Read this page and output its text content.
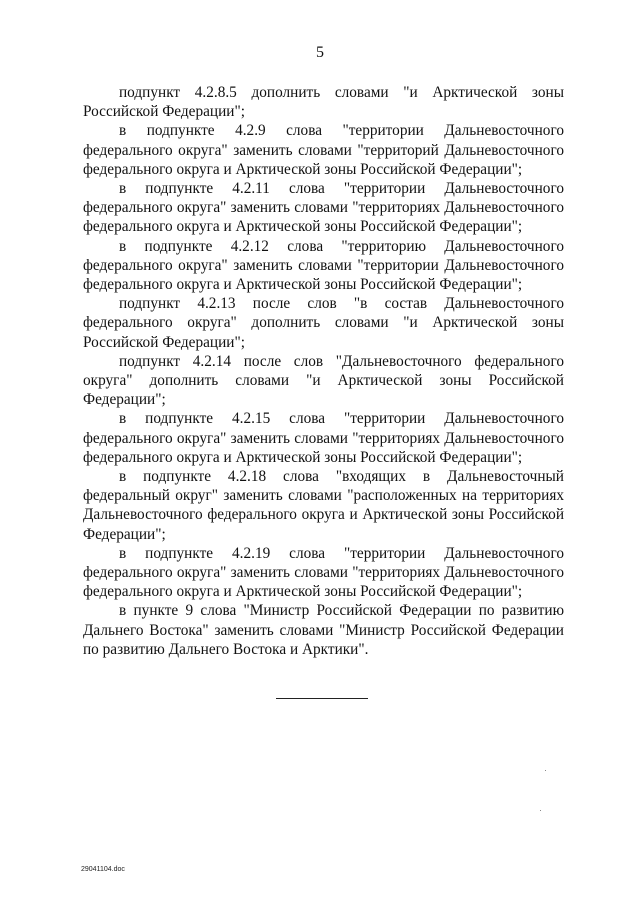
5

подпункт 4.2.8.5 дополнить словами "и Арктической зоны Российской Федерации";

в подпункте 4.2.9 слова "территории Дальневосточного федерального округа" заменить словами "территорий Дальневосточного федерального округа и Арктической зоны Российской Федерации";

в подпункте 4.2.11 слова "территории Дальневосточного федерального округа" заменить словами "территориях Дальневосточного федерального округа и Арктической зоны Российской Федерации";

в подпункте 4.2.12 слова "территорию Дальневосточного федерального округа" заменить словами "территории Дальневосточного федерального округа и Арктической зоны Российской Федерации";

подпункт 4.2.13 после слов "в состав Дальневосточного федерального округа" дополнить словами "и Арктической зоны Российской Федерации";

подпункт 4.2.14 после слов "Дальневосточного федерального округа" дополнить словами "и Арктической зоны Российской Федерации";

в подпункте 4.2.15 слова "территории Дальневосточного федерального округа" заменить словами "территориях Дальневосточного федерального округа и Арктической зоны Российской Федерации";

в подпункте 4.2.18 слова "входящих в Дальневосточный федеральный округ" заменить словами "расположенных на территориях Дальневосточного федерального округа и Арктической зоны Российской Федерации";

в подпункте 4.2.19 слова "территории Дальневосточного федерального округа" заменить словами "территориях Дальневосточного федерального округа и Арктической зоны Российской Федерации";

в пункте 9 слова "Министр Российской Федерации по развитию Дальнего Востока" заменить словами "Министр Российской Федерации по развитию Дальнего Востока и Арктики".

29041104.doc
